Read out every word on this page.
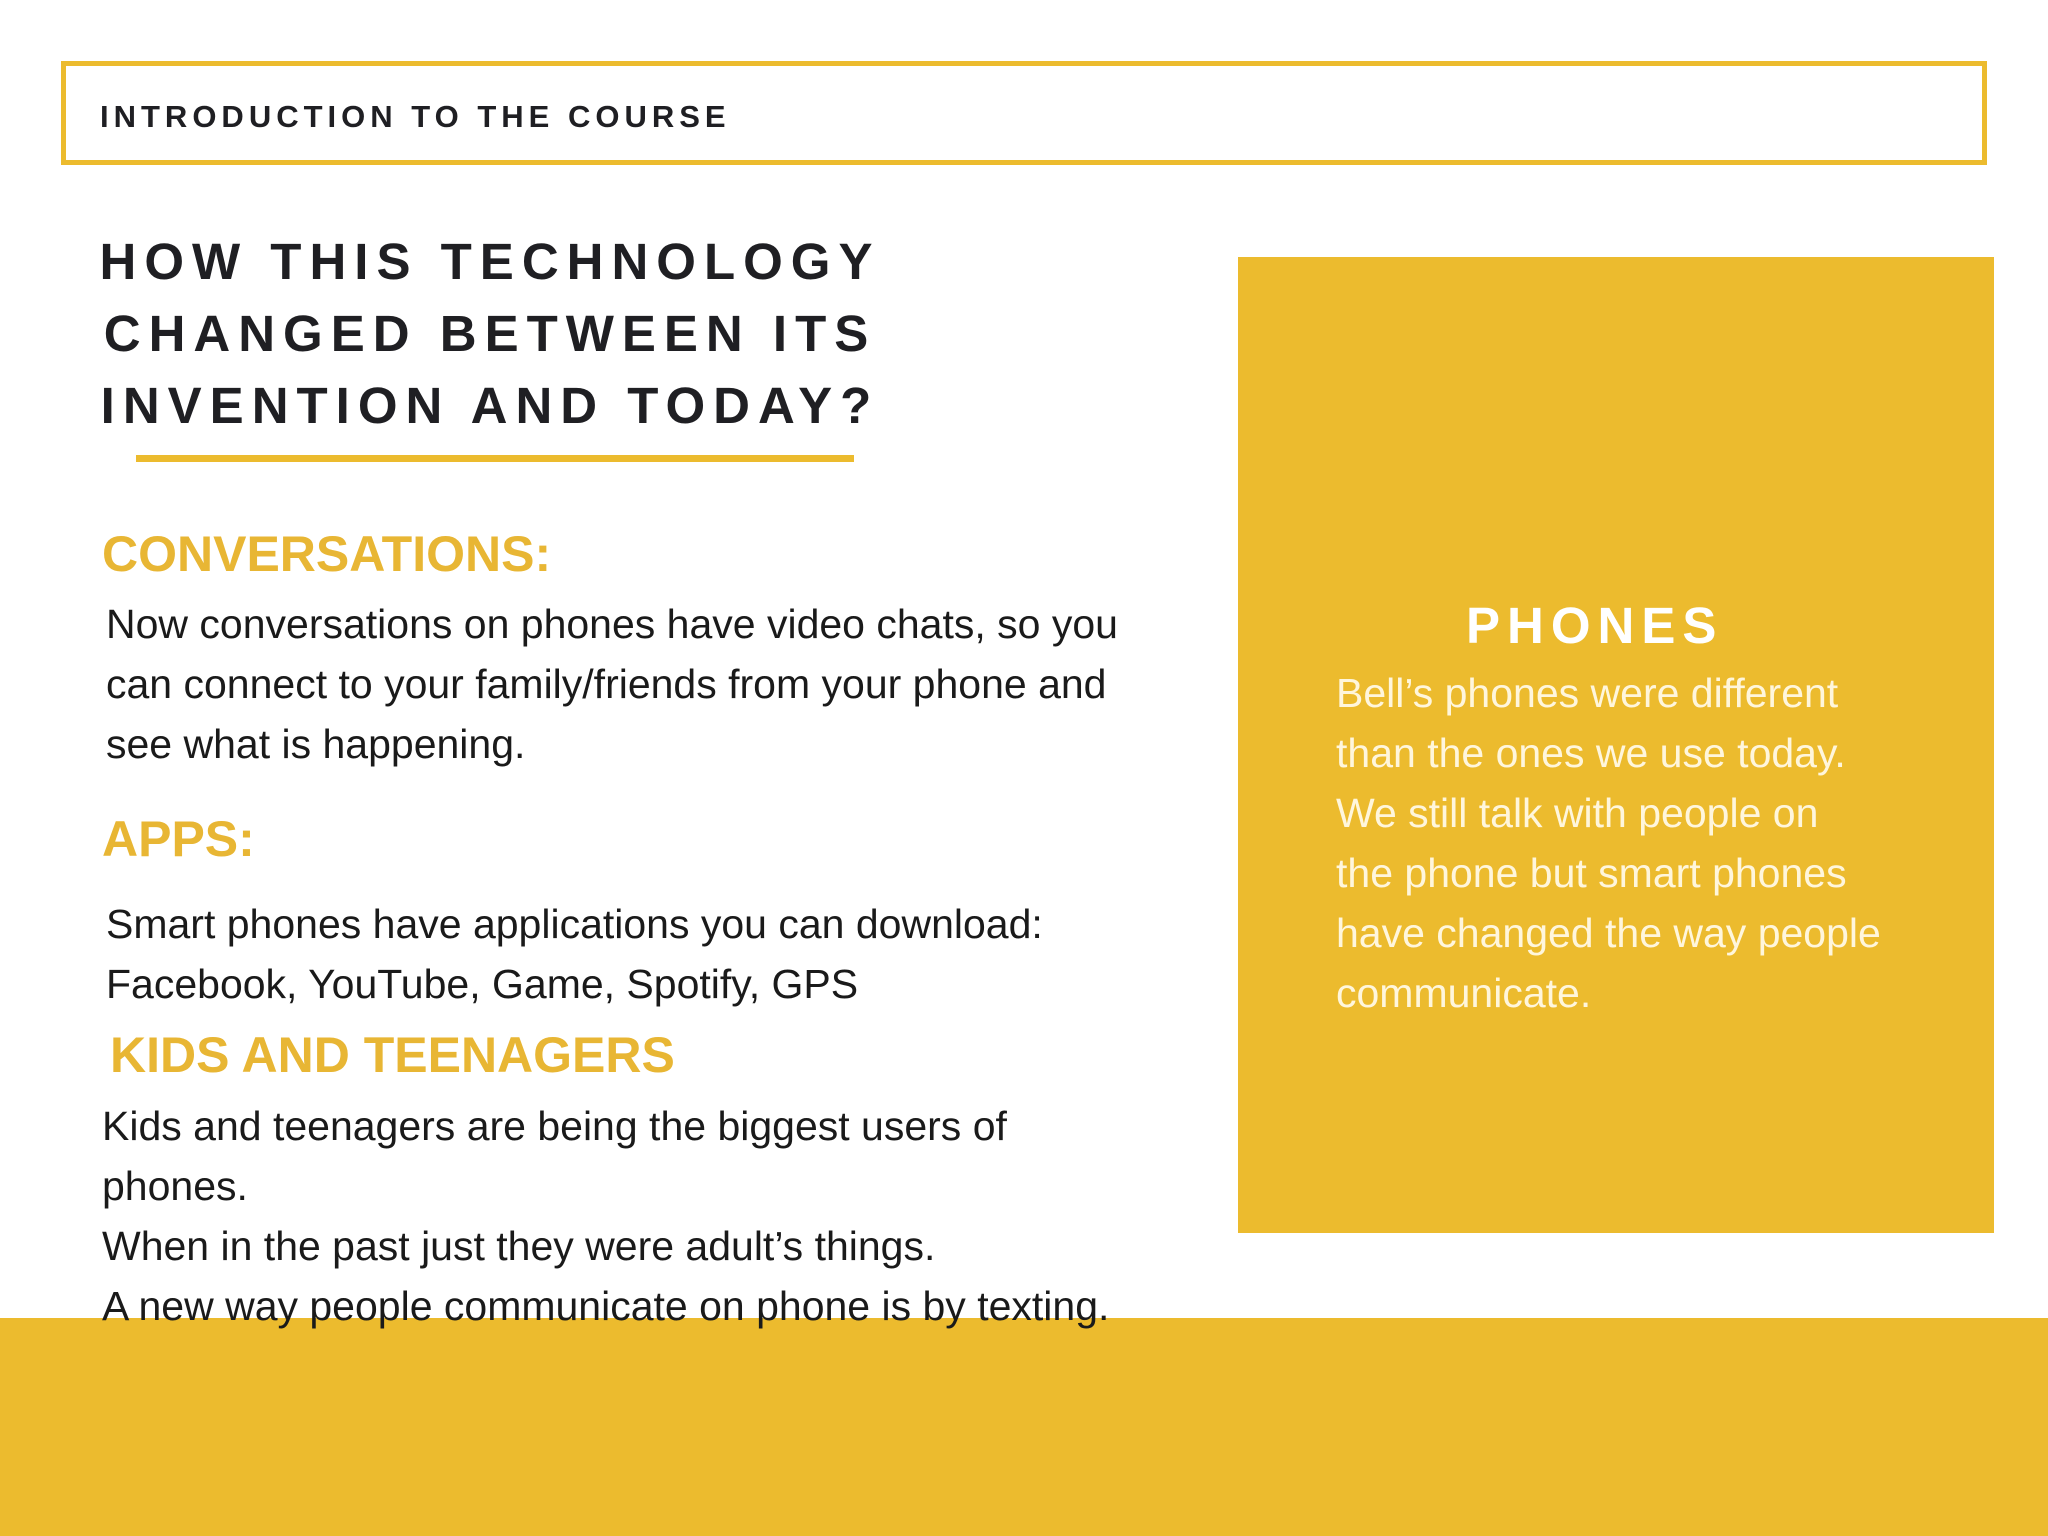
INTRODUCTION TO THE COURSE
HOW THIS TECHNOLOGY
CHANGED BETWEEN ITS
INVENTION AND TODAY?
CONVERSATIONS:
Now conversations on phones have video chats, so you
can connect to your family/friends from your phone and
see what is happening.
APPS:
Smart phones have applications you can download:
Facebook, YouTube, Game, Spotify, GPS
KIDS AND TEENAGERS
PHONES
Bell’s phones were different
than the ones we use today.
We still talk with people on
the phone but smart phones
have changed the way people
communicate.
Kids and teenagers are being the biggest users of
phones.
When in the past just they were adult’s things.
A new way people communicate on phone is by texting.
